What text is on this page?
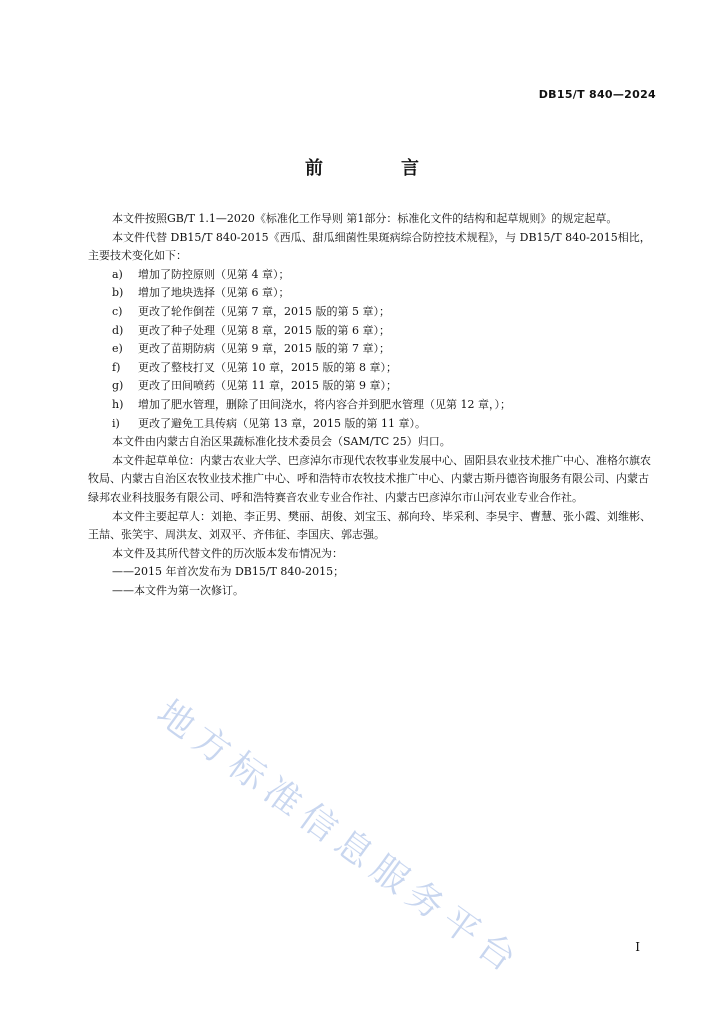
DB15/T 840—2024
前　言

本文件按照GB/T 1.1—2020《标准化工作导则 第1部分：标准化文件的结构和起草规则》的规定起草。

本文件代替 DB15/T 840-2015《西瓜、甜瓜细菌性果斑病综合防控技术规程》，与 DB15/T 840-2015相比，主要技术变化如下：

a) 增加了防控原则（见第 4 章）；

b) 增加了地块选择（见第 6 章）；

c) 更改了轮作倒茬（见第 7 章，2015 版的第 5 章）；

d) 更改了种子处理（见第 8 章，2015 版的第 6 章）；

e) 更改了苗期防病（见第 9 章，2015 版的第 7 章）；

f) 更改了整枝打叉（见第 10 章，2015 版的第 8 章）；

g) 更改了田间喷药（见第 11 章，2015 版的第 9 章）；

h) 增加了肥水管理，删除了田间浇水，将内容合并到肥水管理（见第 12 章，）；

i) 更改了避免工具传病（见第 13 章，2015 版的第 11 章）。

本文件由内蒙古自治区果蔬标准化技术委员会（SAM/TC 25）归口。

本文件起草单位：内蒙古农业大学、巴彦淖尔市现代农牧事业发展中心、固阳县农业技术推广中心、准格尔旗农牧局、内蒙古自治区农牧业技术推广中心、呼和浩特市农牧技术推广中心、内蒙古斯丹德咨询服务有限公司、内蒙古绿邦农业科技服务有限公司、呼和浩特赛音农业专业合作社、内蒙古巴彦淖尔市山河农业专业合作社。

本文件主要起草人：刘艳、李正男、樊丽、胡俊、刘宝玉、郝向玲、毕采利、李昊宇、曹慧、张小霞、刘维彬、王喆、张笑宇、周洪友、刘双平、齐伟征、李国庆、郭志强。

本文件及其所代替文件的历次版本发布情况为：

——2015 年首次发布为 DB15/T 840-2015；

——本文件为第一次修订。

地方标准信息服务平台	I
